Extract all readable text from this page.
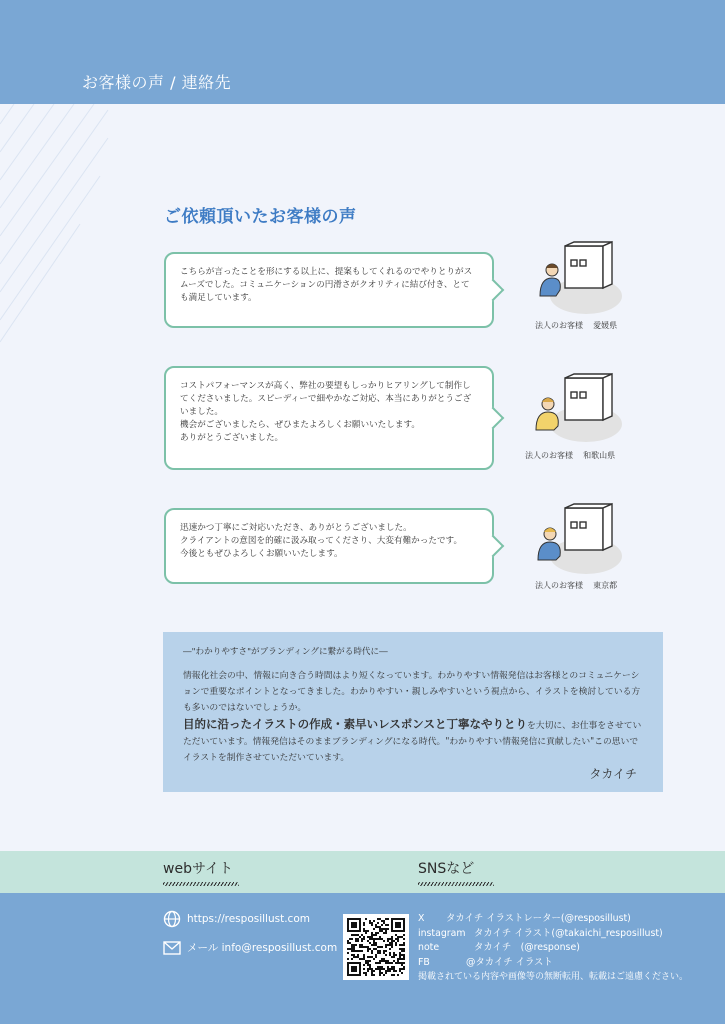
お客様の声 / 連絡先
ご依頼頂いたお客様の声

こちらが言ったことを形にする以上に、提案もしてくれるのでやりとりがスムーズでした。コミュニケーションの円滑さがクオリティに結び付き、とても満足しています。

法人のお客様 愛媛県

コストパフォーマンスが高く、弊社の要望もしっかりヒアリングして制作してくださいました。スピーディーで細やかなご対応、本当にありがとうございました。
機会がございましたら、ぜひまたよろしくお願いいたします。
ありがとうございました。

法人のお客様 和歌山県

迅速かつ丁寧にご対応いただき、ありがとうございました。
クライアントの意図を的確に汲み取ってくださり、大変有難かったです。
今後ともぜひよろしくお願いいたします。

法人のお客様 東京都
―"わかりやすさ"がブランディングに繋がる時代に―
情報化社会の中、情報に向き合う時間はより短くなっています。わかりやすい情報発信はお客様とのコミュニケーションで重要なポイントとなってきました。わかりやすい・親しみやすいという視点から、イラストを検討している方も多いのではないでしょうか。
目的に沿ったイラストの作成・素早いレスポンスと丁寧なやりとりを大切に、お仕事をさせていただいています。情報発信はそのままブランディングになる時代。"わかりやすい情報発信に貢献したい"この思いでイラストを制作させていただいています。
タカイチ
webサイト	SNSなど
https://resposillust.com
メール
info@resposillust.com
X	タカイチ イラストレーター(@resposillust)
instagram タカイチ イラスト(@takaichi_resposillust)
note	タカイチ　(@response)
FB	@タカイチ イラスト
掲載されている内容や画像等の無断転用、転載はご遠慮ください。
